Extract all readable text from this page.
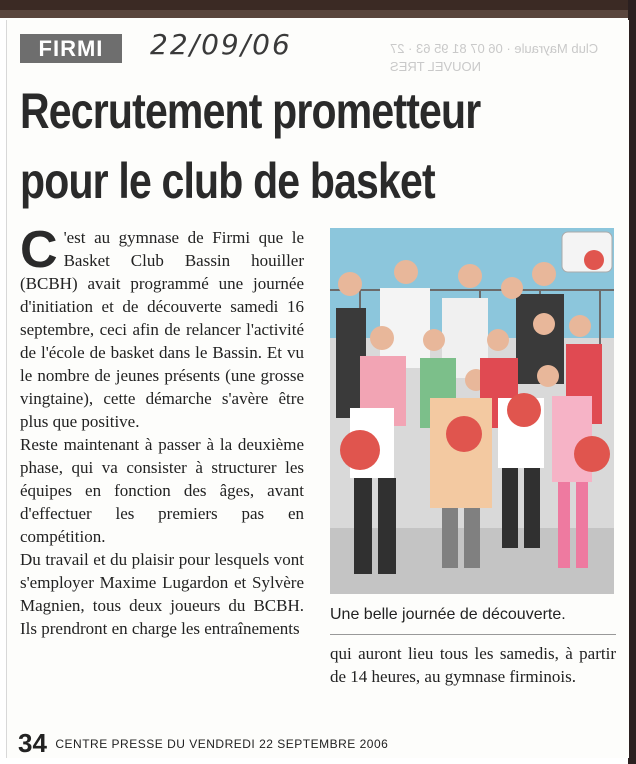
FIRMI	22/09/06	Club Mayraule · 06 07 81 95 63 · 27 NOUVEL TRES
Recrutement prometteur
pour le club de basket

C 'est au gymnase de Firmi que le Basket Club Bassin houiller (BCBH) avait programmé une journée d'initiation et de découverte samedi 16 septembre, ceci afin de relancer l'activité de l'école de basket dans le Bassin. Et vu le nombre de jeunes présents (une grosse vingtaine), cette démarche s'avère être plus que positive.

Reste maintenant à passer à la deuxième phase, qui va consister à structurer les équipes en fonction des âges, avant d'effectuer les premiers pas en compétition.

Du travail et du plaisir pour lesquels vont s'employer Maxime Lugardon et Sylvère Magnien, tous deux joueurs du BCBH. Ils prendront en charge les entraînements

Une belle journée de découverte.
qui auront lieu tous les samedis, à partir de 14 heures, au gymnase firminois.
34 CENTRE PRESSE DU VENDREDI 22 SEPTEMBRE 2006
